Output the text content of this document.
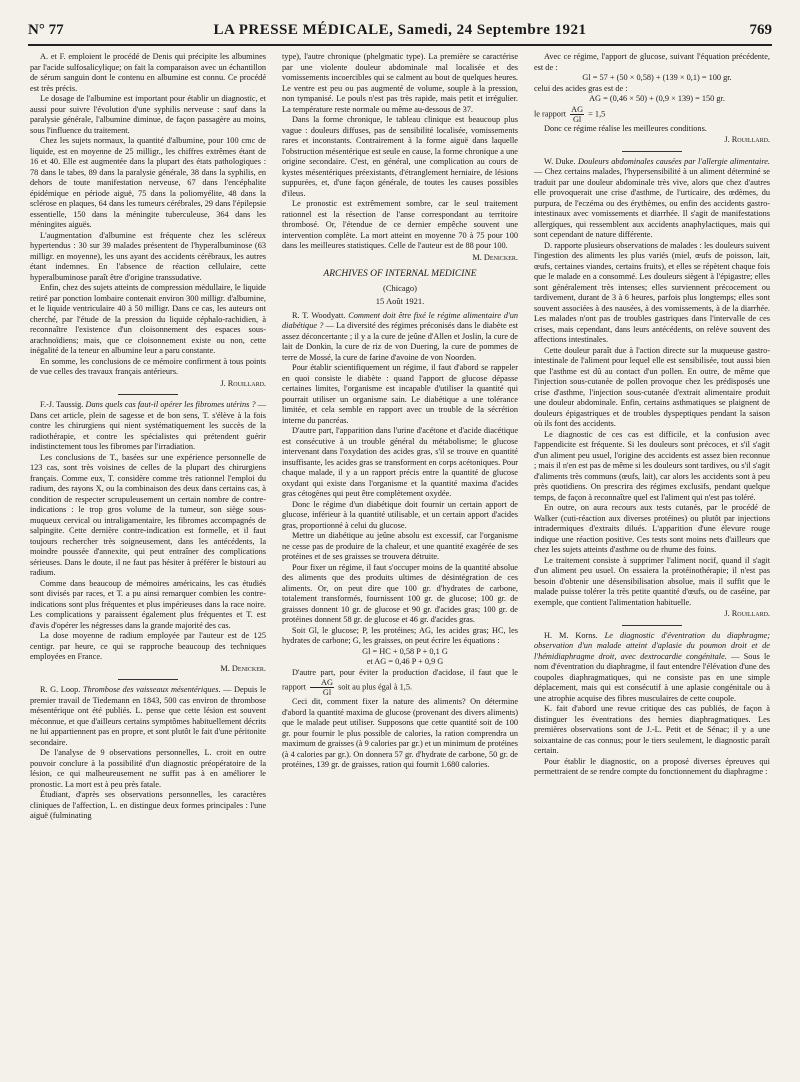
LA PRESSE MÉDICALE, Samedi, 24 Septembre 1921
N° 77	769

A. et F. emploient le procédé de Denis qui précipite les albumines par l'acide sulfosalicylique; on fait la comparaison avec un échantillon de sérum sanguin dont le contenu en albumine est connu. Ce procédé est très précis.

Le dosage de l'albumine est important pour établir un diagnostic, et aussi pour suivre l'évolution d'une syphilis nerveuse : sauf dans la paralysie générale, l'albumine diminue, de façon passagère au moins, sous l'influence du traitement.

Chez les sujets normaux, la quantité d'albumine, pour 100 cmc de liquide, est en moyenne de 25 milligr., les chiffres extrêmes étant de 16 et 40. Elle est augmentée dans la plupart des états pathologiques : 78 dans le tabes, 89 dans la paralysie générale, 38 dans la syphilis, en dehors de toute manifestation nerveuse, 67 dans l'encéphalite épidémique en période aiguë, 75 dans la poliomyélite, 48 dans la sclérose en plaques, 64 dans les tumeurs cérébrales, 29 dans l'épilepsie essentielle, 150 dans la méningite tuberculeuse, 364 dans les méningites aiguës.

L'augmentation d'albumine est fréquente chez les scléreux hypertendus : 30 sur 39 malades présentent de l'hyperalbuminose (63 milligr. en moyenne), les uns ayant des accidents cérébraux, les autres étant indemnes. En l'absence de réaction cellulaire, cette hyperalbuminose paraît être d'origine transsudative.

Enfin, chez des sujets atteints de compression médullaire, le liquide retiré par ponction lombaire contenait environ 300 milligr. d'albumine, et le liquide ventriculaire 40 à 50 milligr. Dans ce cas, les auteurs ont cherché, par l'étude de la pression du liquide céphalo-rachidien, à reconnaître l'existence d'un cloisonnement des espaces sous-arachnoïdiens; mais, que ce cloisonnement existe ou non, cette inégalité de la teneur en albumine leur a paru constante.

En somme, les conclusions de ce mémoire confirment à tous points de vue celles des travaux français antérieurs.

J. Rouillard.

F.-J. Taussig. Dans quels cas faut-il opérer les fibromes utérins ? — Dans cet article, plein de sagesse et de bon sens, T. s'élève à la fois contre les chirurgiens qui nient systématiquement les succès de la radiothérapie, et contre les spécialistes qui prétendent guérir indistinctement tous les fibromes par l'irradiation.

Les conclusions de T., basées sur une expérience personnelle de 123 cas, sont très voisines de celles de la plupart des chirurgiens français. Comme eux, T. considère comme très rationnel l'emploi du radium, des rayons X, ou la combinaison des deux dans certains cas, à condition de respecter scrupuleusement un certain nombre de contre-indications : le trop gros volume de la tumeur, son siège sous-muqueux cervical ou intraligamentaire, les fibromes accompagnés de salpingite. Cette dernière contre-indication est formelle, et il faut toujours rechercher très soigneusement, dans les antécédents, la moindre poussée d'annexite, qui peut entraîner des complications sérieuses. Dans le doute, il ne faut pas hésiter à préférer le bistouri au radium.

Comme dans beaucoup de mémoires américains, les cas étudiés sont divisés par races, et T. a pu ainsi remarquer combien les contre-indications sont plus fréquentes et plus impérieuses dans la race noire. Les complications y paraissent également plus fréquentes et T. est d'avis d'opérer les négresses dans la grande majorité des cas.

La dose moyenne de radium employée par l'auteur est de 125 centigr. par heure, ce qui se rapproche beaucoup des techniques employées en France.

M. Denicker.

R. G. Loop. Thrombose des vaisseaux mésentériques. — Depuis le premier travail de Tiedemann en 1843, 500 cas environ de thrombose mésentérique ont été publiés. L. pense que cette lésion est souvent méconnue, et que d'ailleurs certains symptômes habituellement décrits ne lui appartiennent pas en propre, et sont plutôt le fait d'une péritonite secondaire.

De l'analyse de 9 observations personnelles, L. croit en outre pouvoir conclure à la possibilité d'un diagnostic préopératoire de la lésion, ce qui malheureusement ne suffit pas à en améliorer le pronostic. La mort est à peu près fatale.

Étudiant, d'après ses observations personnelles, les caractères cliniques de l'affection, L. en distingue deux formes principales : l'une aiguë (fulminating

type), l'autre chronique (phelgmatic type). La première se caractérise par une violente douleur abdominale mal localisée et des vomissements incoercibles qui se calment au bout de quelques heures. Le ventre est peu ou pas augmenté de volume, souple à la pression, non tympanisé. Le pouls n'est pas très rapide, mais petit et irrégulier. La température reste normale ou même au-dessous de 37.

Dans la forme chronique, le tableau clinique est beaucoup plus vague : douleurs diffuses, pas de sensibilité localisée, vomissements rares et inconstants. Contrairement à la forme aiguë dans laquelle l'obstruction mésentérique est seule en cause, la forme chronique a une origine secondaire. C'est, en général, une complication au cours de kystes mésentériques préexistants, d'étranglement herniaire, de lésions suppurées, et, d'une façon générale, de toutes les causes possibles d'ileus.

Le pronostic est extrêmement sombre, car le seul traitement rationnel est la résection de l'anse correspondant au territoire thrombosé. Or, l'étendue de ce dernier empêche souvent une intervention complète. La mort atteint en moyenne 70 à 75 pour 100 dans les meilleures statistiques. Celle de l'auteur est de 88 pour 100.

M. Denicker.
ARCHIVES OF INTERNAL MEDICINE
(Chicago)
15 Août 1921.

R. T. Woodyatt. Comment doit être fixé le régime alimentaire d'un diabétique ? — La diversité des régimes préconisés dans le diabète est assez déconcertante ; il y a la cure de jeûne d'Allen et Joslin, la cure de lait de Donkin, la cure de riz de von Duering, la cure de pommes de terre de Mossé, la cure de farine d'avoine de von Noorden.

Pour établir scientifiquement un régime, il faut d'abord se rappeler en quoi consiste le diabète : quand l'apport de glucose dépasse certaines limites, l'organisme est incapable d'utiliser la quantité qui pourrait utiliser un organisme sain. Le diabétique a une tolérance limitée, et cela semble en rapport avec un trouble de la sécrétion interne du pancréas.

D'autre part, l'apparition dans l'urine d'acétone et d'acide diacétique est consécutive à un trouble général du métabolisme; le glucose intervenant dans l'oxydation des acides gras, s'il se trouve en quantité insuffisante, les acides gras se transforment en corps acétoniques. Pour chaque malade, il y a un rapport précis entre la quantité de glucose oxydant qui existe dans l'organisme et la quantité maxima d'acides gras cétogènes qui peut être complètement oxydée.

Donc le régime d'un diabétique doit fournir un certain apport de glucose, inférieur à la quantité utilisable, et un certain apport d'acides gras, proportionné à celui du glucose.

Mettre un diabétique au jeûne absolu est excessif, car l'organisme ne cesse pas de produire de la chaleur, et une quantité exagérée de ses protéines et de ses graisses se trouvera détruite.

Pour fixer un régime, il faut s'occuper moins de la quantité absolue des aliments que des produits ultimes de désintégration de ces aliments. Or, on peut dire que 100 gr. d'hydrates de carbone, totalement transformés, fournissent 100 gr. de glucose; 100 gr. de graisses donnent 10 gr. de glucose et 90 gr. d'acides gras; 100 gr. de protéines donnent 58 gr. de glucose et 46 gr. d'acides gras.

Soit Gl, le glucose; P, les protéines; AG, les acides gras; HC, les hydrates de carbone; G, les graisses, on peut écrire les équations :

Gl = HC + 0,58 P + 0,1 G

et AG = 0,46 P + 0,9 G

D'autre part, pour éviter la production d'acidose, il faut que le rapport $\frac{AG}{Gl}$ soit au plus égal à 1,5.

Ceci dit, comment fixer la nature des aliments? On détermine d'abord la quantité maxima de glucose (provenant des divers aliments) que le malade peut utiliser. Supposons que cette quantité soit de 100 gr. pour fournir le plus possible de calories, la ration comprendra un maximum de graisses (à 9 calories par gr.) et un minimum de protéines (à 4 calories par gr.). On donnera 57 gr. d'hydrate de carbone, 50 gr. de protéines, 139 gr. de graisses, ration qui fournit 1.680 calories.

Avec ce régime, l'apport de glucose, suivant l'équation précédente, est de :

Gl = 57 + (50 × 0,58) + (139 × 0,1) = 100 gr.

celui des acides gras est de :

AG = (0,46 × 50) + (0,9 × 139) = 150 gr.

le rapport $\frac{AG}{Gl} = 1,5$

Donc ce régime réalise les meilleures conditions.

J. Rouillard.

W. Duke. Douleurs abdominales causées par l'allergie alimentaire. — Chez certains malades, l'hypersensibilité à un aliment déterminé se traduit par une douleur abdominale très vive, alors que chez d'autres elle provoquerait une crise d'asthme, de l'urticaire, des œdèmes, du purpura, de l'eczéma ou des érythèmes, ou enfin des accidents gastro-intestinaux avec vomissements et diarrhée. Il s'agit de manifestations allergiques, qui ressemblent aux accidents anaphylactiques, mais qui sont cependant de nature différente.

D. rapporte plusieurs observations de malades : les douleurs suivent l'ingestion des aliments les plus variés (miel, œufs de poisson, lait, œufs, certaines viandes, certains fruits), et elles se répètent chaque fois que le malade en a consommé. Les douleurs siègent à l'épigastre; elles sont généralement très intenses; elles surviennent précocement ou tardivement, durant de 3 à 6 heures, parfois plus longtemps; elles sont souvent associées à des nausées, à des vomissements, à de la diarrhée. Les malades n'ont pas de troubles gastriques dans l'intervalle de ces crises, mais cependant, dans leurs antécédents, on relève souvent des affections intestinales.

Cette douleur paraît due à l'action directe sur la muqueuse gastro-intestinale de l'aliment pour lequel elle est sensibilisée, tout aussi bien que l'asthme est dû au contact d'un pollen. En outre, de même que l'injection sous-cutanée de pollen provoque chez les prédisposés une crise d'asthme, l'injection sous-cutanée d'extrait alimentaire produit une douleur abdominale. Enfin, certains asthmatiques se plaignent de douleurs épigastriques et de troubles dyspeptiques pendant la saison où ils font des accidents.

Le diagnostic de ces cas est difficile, et la confusion avec l'appendicite est fréquente. Si les douleurs sont précoces, et s'il s'agit d'un aliment peu usuel, l'origine des accidents est assez bien reconnue ; mais il n'en est pas de même si les douleurs sont tardives, ou s'il s'agit d'aliments très communs (œufs, lait), car alors les accidents sont à peu près quotidiens. On prescrira des régimes exclusifs, pendant quelque temps, de façon à reconnaître quel est l'aliment qui n'est pas toléré.

En outre, on aura recours aux tests cutanés, par le procédé de Walker (cuti-réaction aux diverses protéines) ou plutôt par injections intradermiques d'extraits dilués. L'apparition d'une élevure rouge indique une réaction positive. Ces tests sont moins nets d'ailleurs que chez les sujets atteints d'asthme ou de rhume des foins.

Le traitement consiste à supprimer l'aliment nocif, quand il s'agit d'un aliment peu usuel. On essaiera la protéinothérapie; il n'est pas besoin d'obtenir une désensibilisation absolue, mais il suffit que le malade puisse tolérer la très petite quantité d'œufs, ou de caséine, par exemple, que contient l'alimentation habituelle.

J. Rouillard.

H. M. Korns. Le diagnostic d'éventration du diaphragme; observation d'un malade atteint d'aplasie du poumon droit et de l'hémidiaphragme droit, avec dextrocardie congénitale. — Sous le nom d'éventration du diaphragme, il faut entendre l'élévation d'une des coupoles diaphragmatiques, qui ne consiste pas en une simple déplacement, mais qui est consécutif à une aplasie congénitale ou à une atrophie acquise des fibres musculaires de cette coupole.

K. fait d'abord une revue critique des cas publiés, de façon à distinguer les éventrations des hernies diaphragmatiques. Les premières observations sont de J.-L. Petit et de Sénac; il y a une soixantaine de cas connus; pour le tiers seulement, le diagnostic paraît certain.

Pour établir le diagnostic, on a proposé diverses épreuves qui permettraient de se rendre compte du fonctionnement du diaphragme :
